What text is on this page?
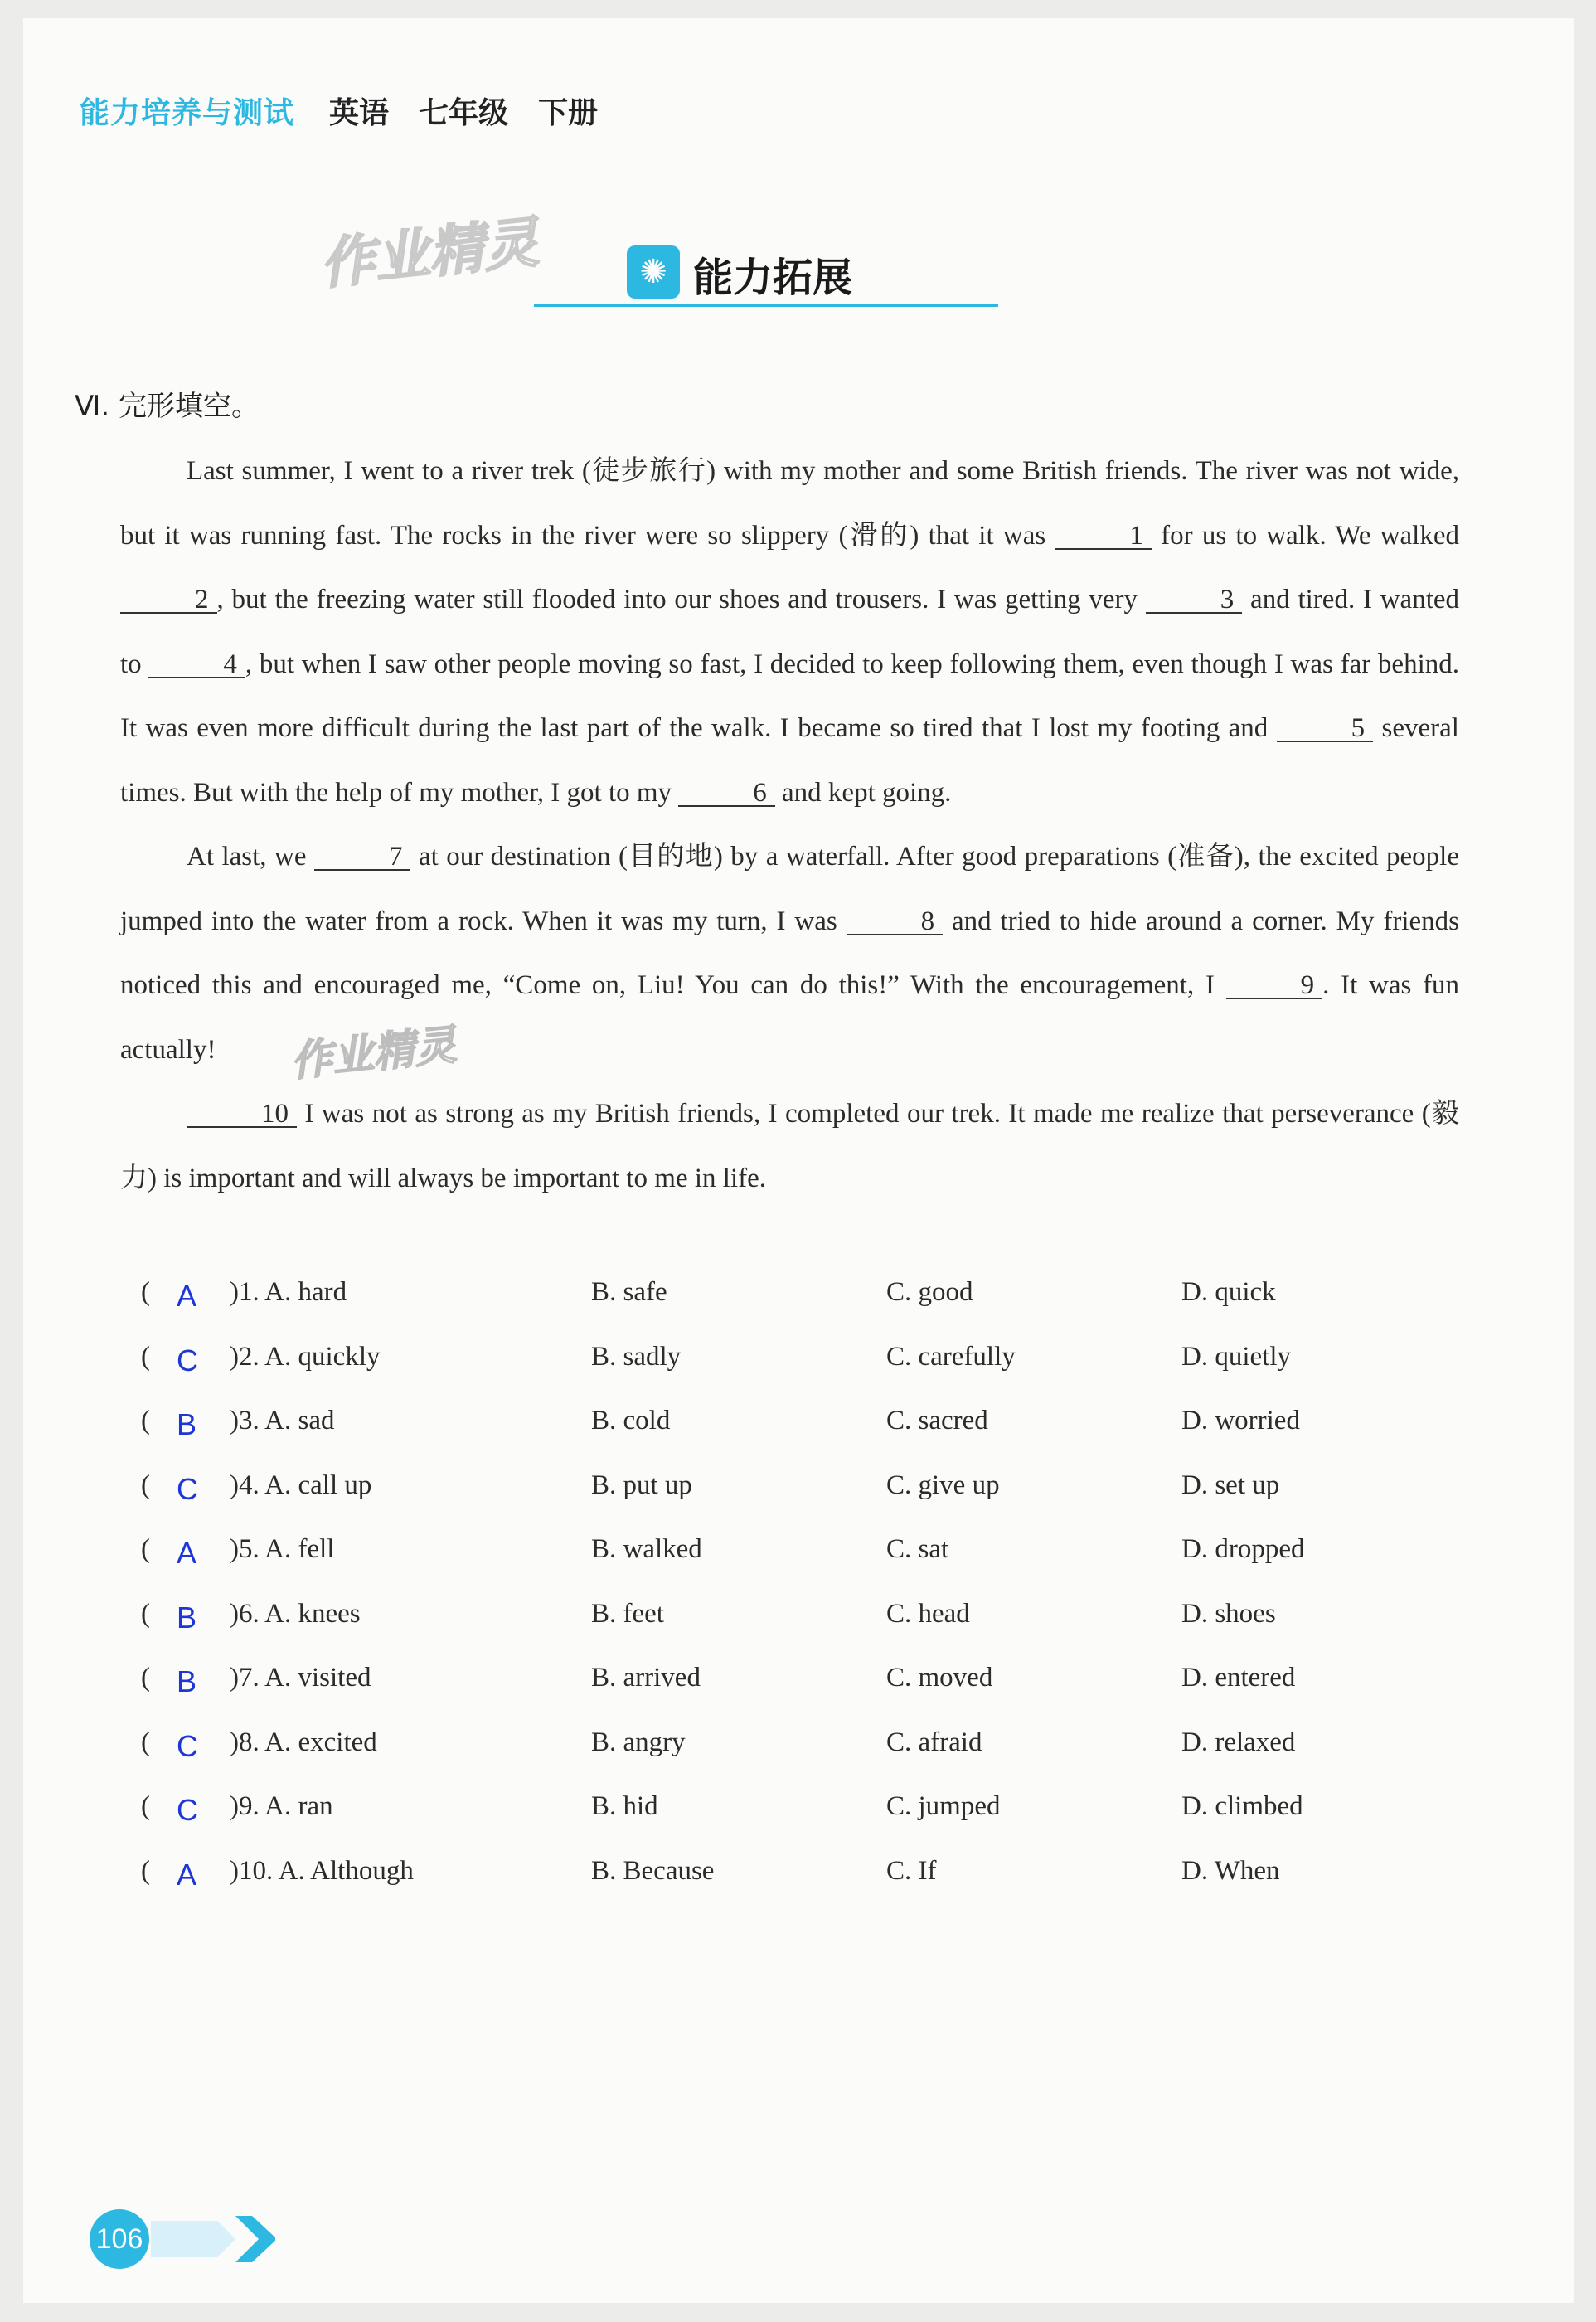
能力培养与测试 英语 七年级 下册
作业精灵	✺ 能力拓展
Ⅵ. 完形填空。

Last summer, I went to a river trek (徒步旅行) with my mother and some British friends. The river was not wide, but it was running fast. The rocks in the river were so slippery (滑的) that it was	1 for us to walk. We walked 2 , but the freezing water still flooded into our shoes and trousers. I was getting very	3 and tired. I wanted to	4 , but when I saw other people moving so fast, I decided to keep following them, even though I was far behind. It was even more difficult during the last part of the walk. I became so tired that I lost my footing and	5 several times. But with the help of my mother, I got to my	6 and kept going.

At last, we	7 at our destination (目的地) by a waterfall. After good preparations (准备), the excited people jumped into the water from a rock. When it was my turn, I was	8 and tried to hide around a corner. My friends noticed this and encouraged me, “Come on, Liu! You can do this!” With the encouragement, I	9 . It was fun actually!

10 I was not as strong as my British friends, I completed our trek. It made me realize that perseverance (毅力) is important and will always be important to me in life.

作业精灵
( A )1. A. hard	B. safe	C. good	D. quick
( C )2. A. quickly	B. sadly	C. carefully	D. quietly
( B )3. A. sad	B. cold	C. sacred	D. worried
( C )4. A. call up	B. put up	C. give up	D. set up
( A )5. A. fell	B. walked	C. sat	D. dropped
( B )6. A. knees	B. feet	C. head	D. shoes
( B )7. A. visited	B. arrived	C. moved	D. entered
( C )8. A. excited	B. angry	C. afraid	D. relaxed
( C )9. A. ran	B. hid	C. jumped	D. climbed
( A )10. A. Although	B. Because	C. If	D. When
106
